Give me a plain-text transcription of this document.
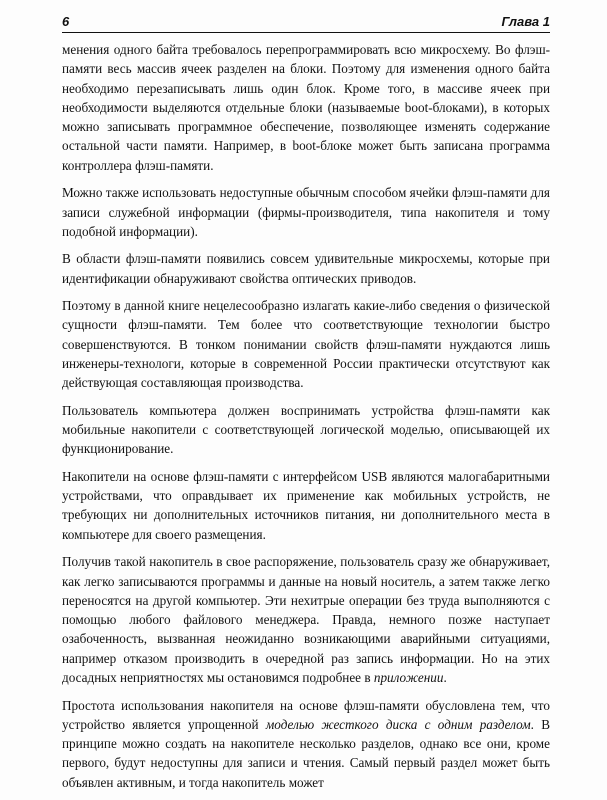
6	Глава 1

менения одного байта требовалось перепрограммировать всю микросхему. Во флэш-памяти весь массив ячеек разделен на блоки. Поэтому для изменения одного байта необходимо перезаписывать лишь один блок. Кроме того, в массиве ячеек при необходимости выделяются отдельные блоки (называемые boot-блоками), в которых можно записывать программное обеспечение, позволяющее изменять содержание остальной части памяти. Например, в boot-блоке может быть записана программа контроллера флэш-памяти.

Можно также использовать недоступные обычным способом ячейки флэш-памяти для записи служебной информации (фирмы-производителя, типа накопителя и тому подобной информации).

В области флэш-памяти появились совсем удивительные микросхемы, которые при идентификации обнаруживают свойства оптических приводов.

Поэтому в данной книге нецелесообразно излагать какие-либо сведения о физической сущности флэш-памяти. Тем более что соответствующие технологии быстро совершенствуются. В тонком понимании свойств флэш-памяти нуждаются лишь инженеры-технологи, которые в современной России практически отсутствуют как действующая составляющая производства.

Пользователь компьютера должен воспринимать устройства флэш-памяти как мобильные накопители с соответствующей логической моделью, описывающей их функционирование.

Накопители на основе флэш-памяти с интерфейсом USB являются малогабаритными устройствами, что оправдывает их применение как мобильных устройств, не требующих ни дополнительных источников питания, ни дополнительного места в компьютере для своего размещения.

Получив такой накопитель в свое распоряжение, пользователь сразу же обнаруживает, как легко записываются программы и данные на новый носитель, а затем также легко переносятся на другой компьютер. Эти нехитрые операции без труда выполняются с помощью любого файлового менеджера. Правда, немного позже наступает озабоченность, вызванная неожиданно возникающими аварийными ситуациями, например отказом производить в очередной раз запись информации. Но на этих досадных неприятностях мы остановимся подробнее в приложении.

Простота использования накопителя на основе флэш-памяти обусловлена тем, что устройство является упрощенной моделью жесткого диска с одним разделом. В принципе можно создать на накопителе несколько разделов, однако все они, кроме первого, будут недоступны для записи и чтения. Самый первый раздел может быть объявлен активным, и тогда накопитель может
